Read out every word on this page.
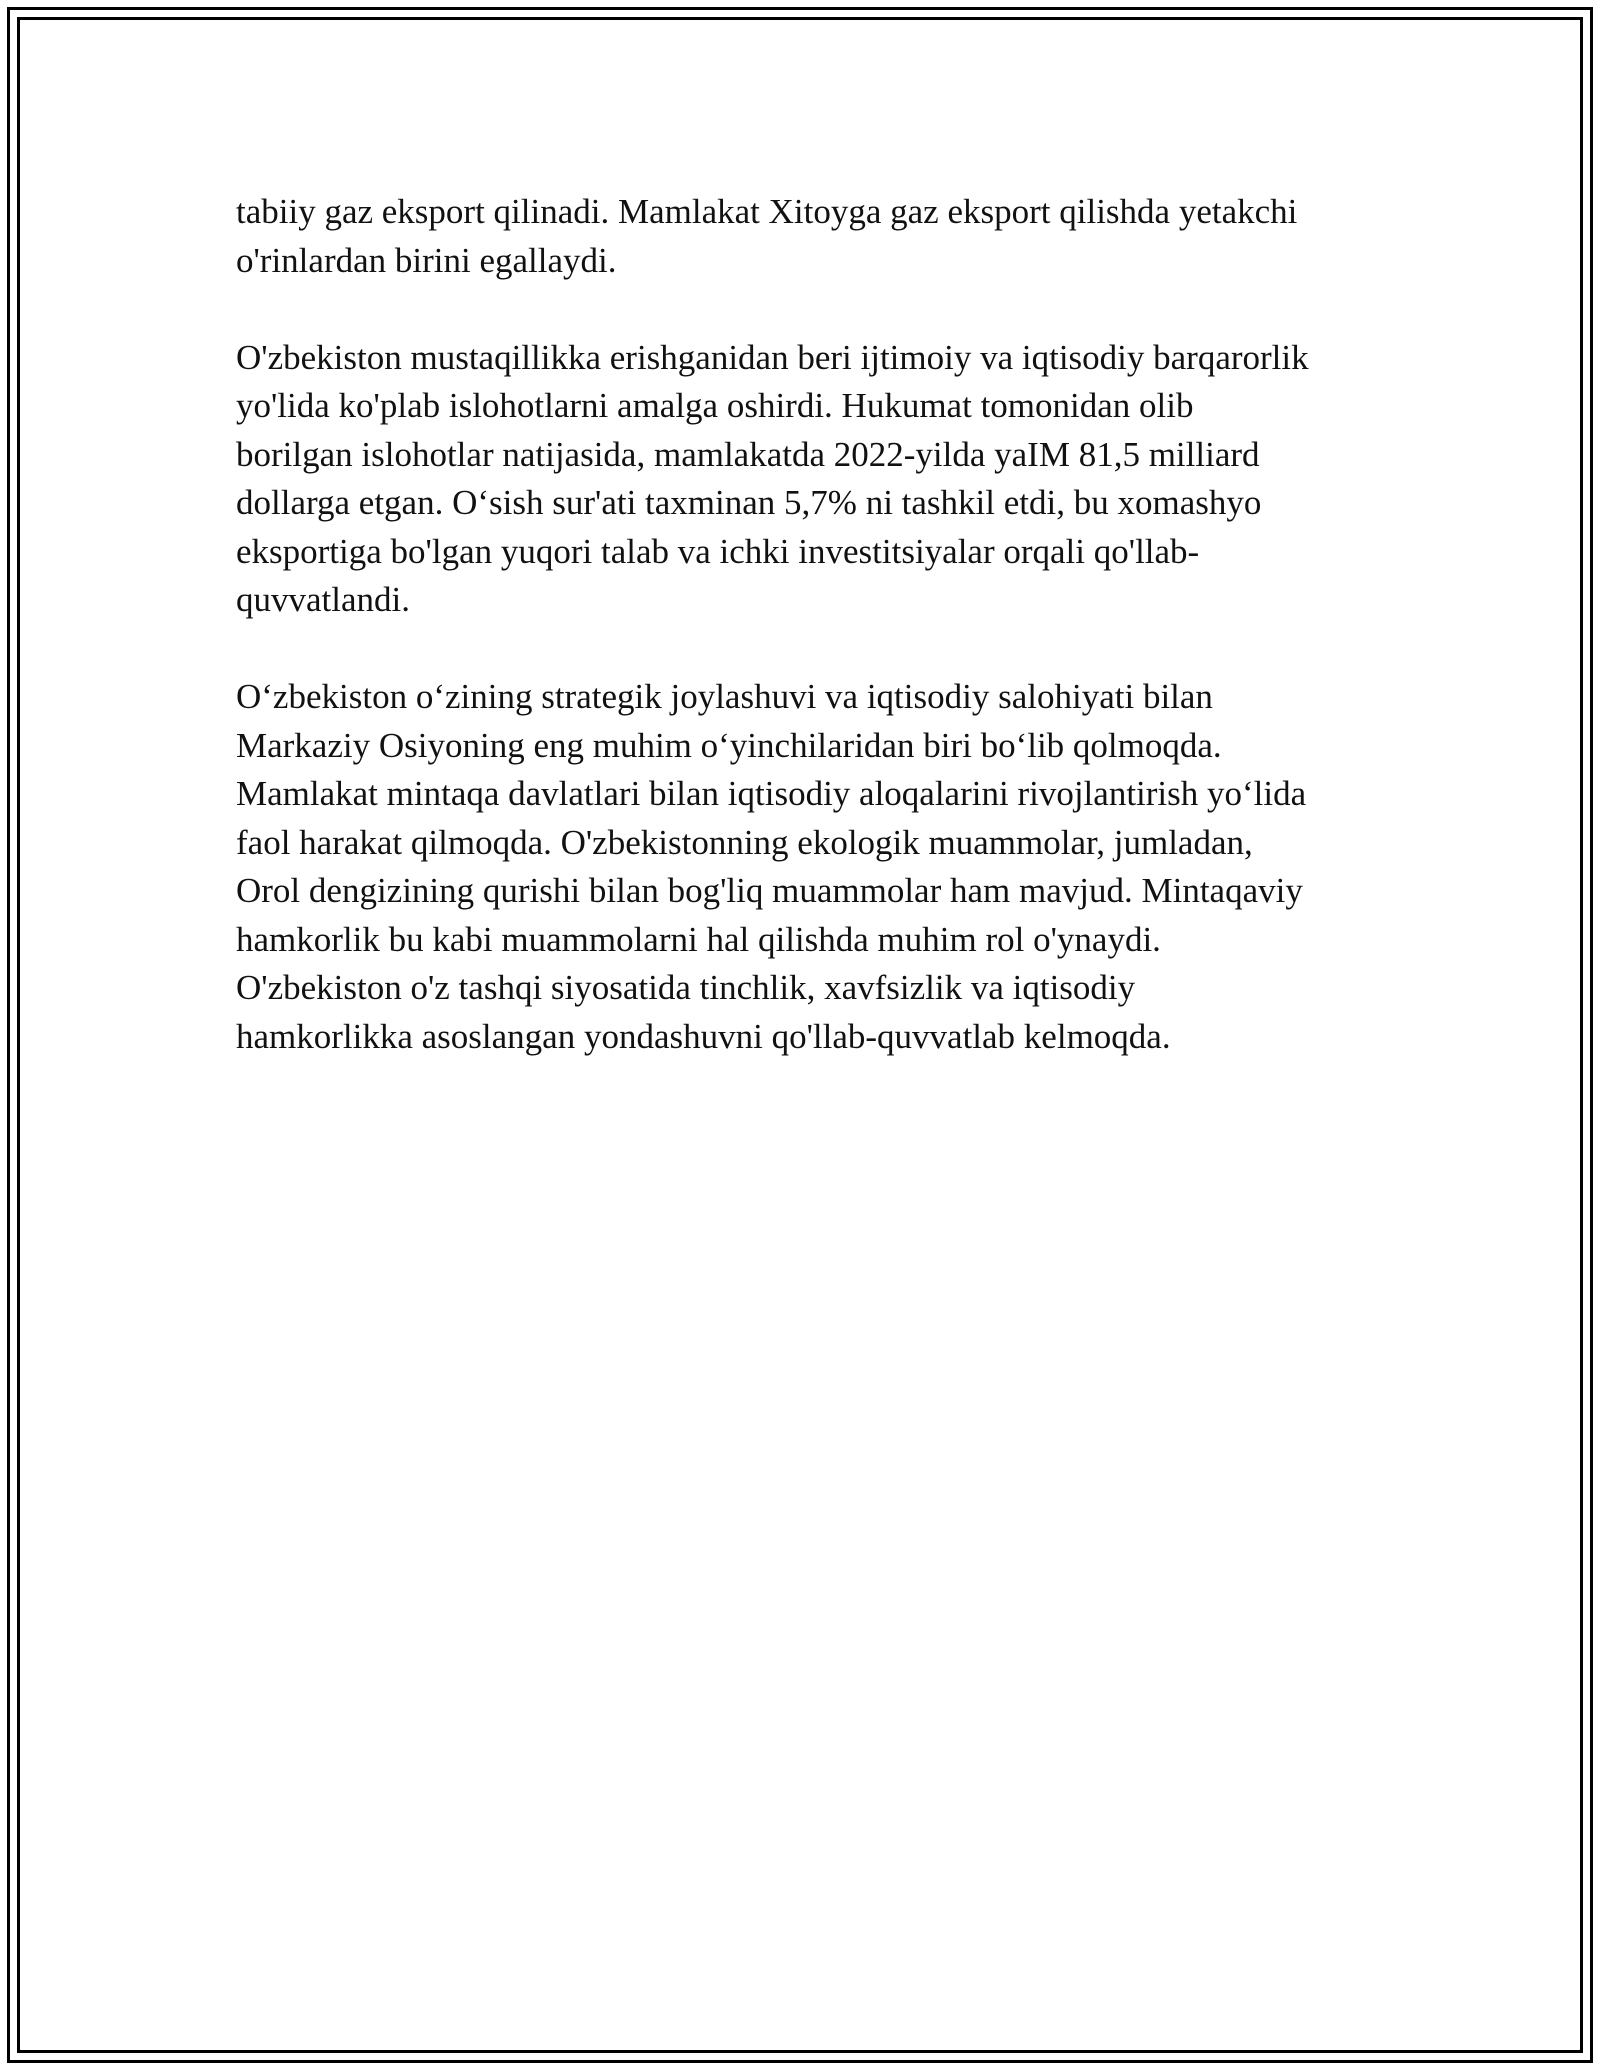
tabiiy gaz eksport qilinadi. Mamlakat Xitoyga gaz eksport qilishda yetakchi
o'rinlardan birini egallaydi.

O'zbekiston mustaqillikka erishganidan beri ijtimoiy va iqtisodiy barqarorlik
yo'lida ko'plab islohotlarni amalga oshirdi. Hukumat tomonidan olib
borilgan islohotlar natijasida, mamlakatda 2022-yilda yaIM 81,5 milliard
dollarga etgan. O‘sish sur'ati taxminan 5,7% ni tashkil etdi, bu xomashyo
eksportiga bo'lgan yuqori talab va ichki investitsiyalar orqali qo'llab-
quvvatlandi.

O‘zbekiston o‘zining strategik joylashuvi va iqtisodiy salohiyati bilan
Markaziy Osiyoning eng muhim o‘yinchilaridan biri bo‘lib qolmoqda.
Mamlakat mintaqa davlatlari bilan iqtisodiy aloqalarini rivojlantirish yo‘lida
faol harakat qilmoqda. O'zbekistonning ekologik muammolar, jumladan,
Orol dengizining qurishi bilan bog'liq muammolar ham mavjud. Mintaqaviy
hamkorlik bu kabi muammolarni hal qilishda muhim rol o'ynaydi.
O'zbekiston o'z tashqi siyosatida tinchlik, xavfsizlik va iqtisodiy
hamkorlikka asoslangan yondashuvni qo'llab-quvvatlab kelmoqda.
